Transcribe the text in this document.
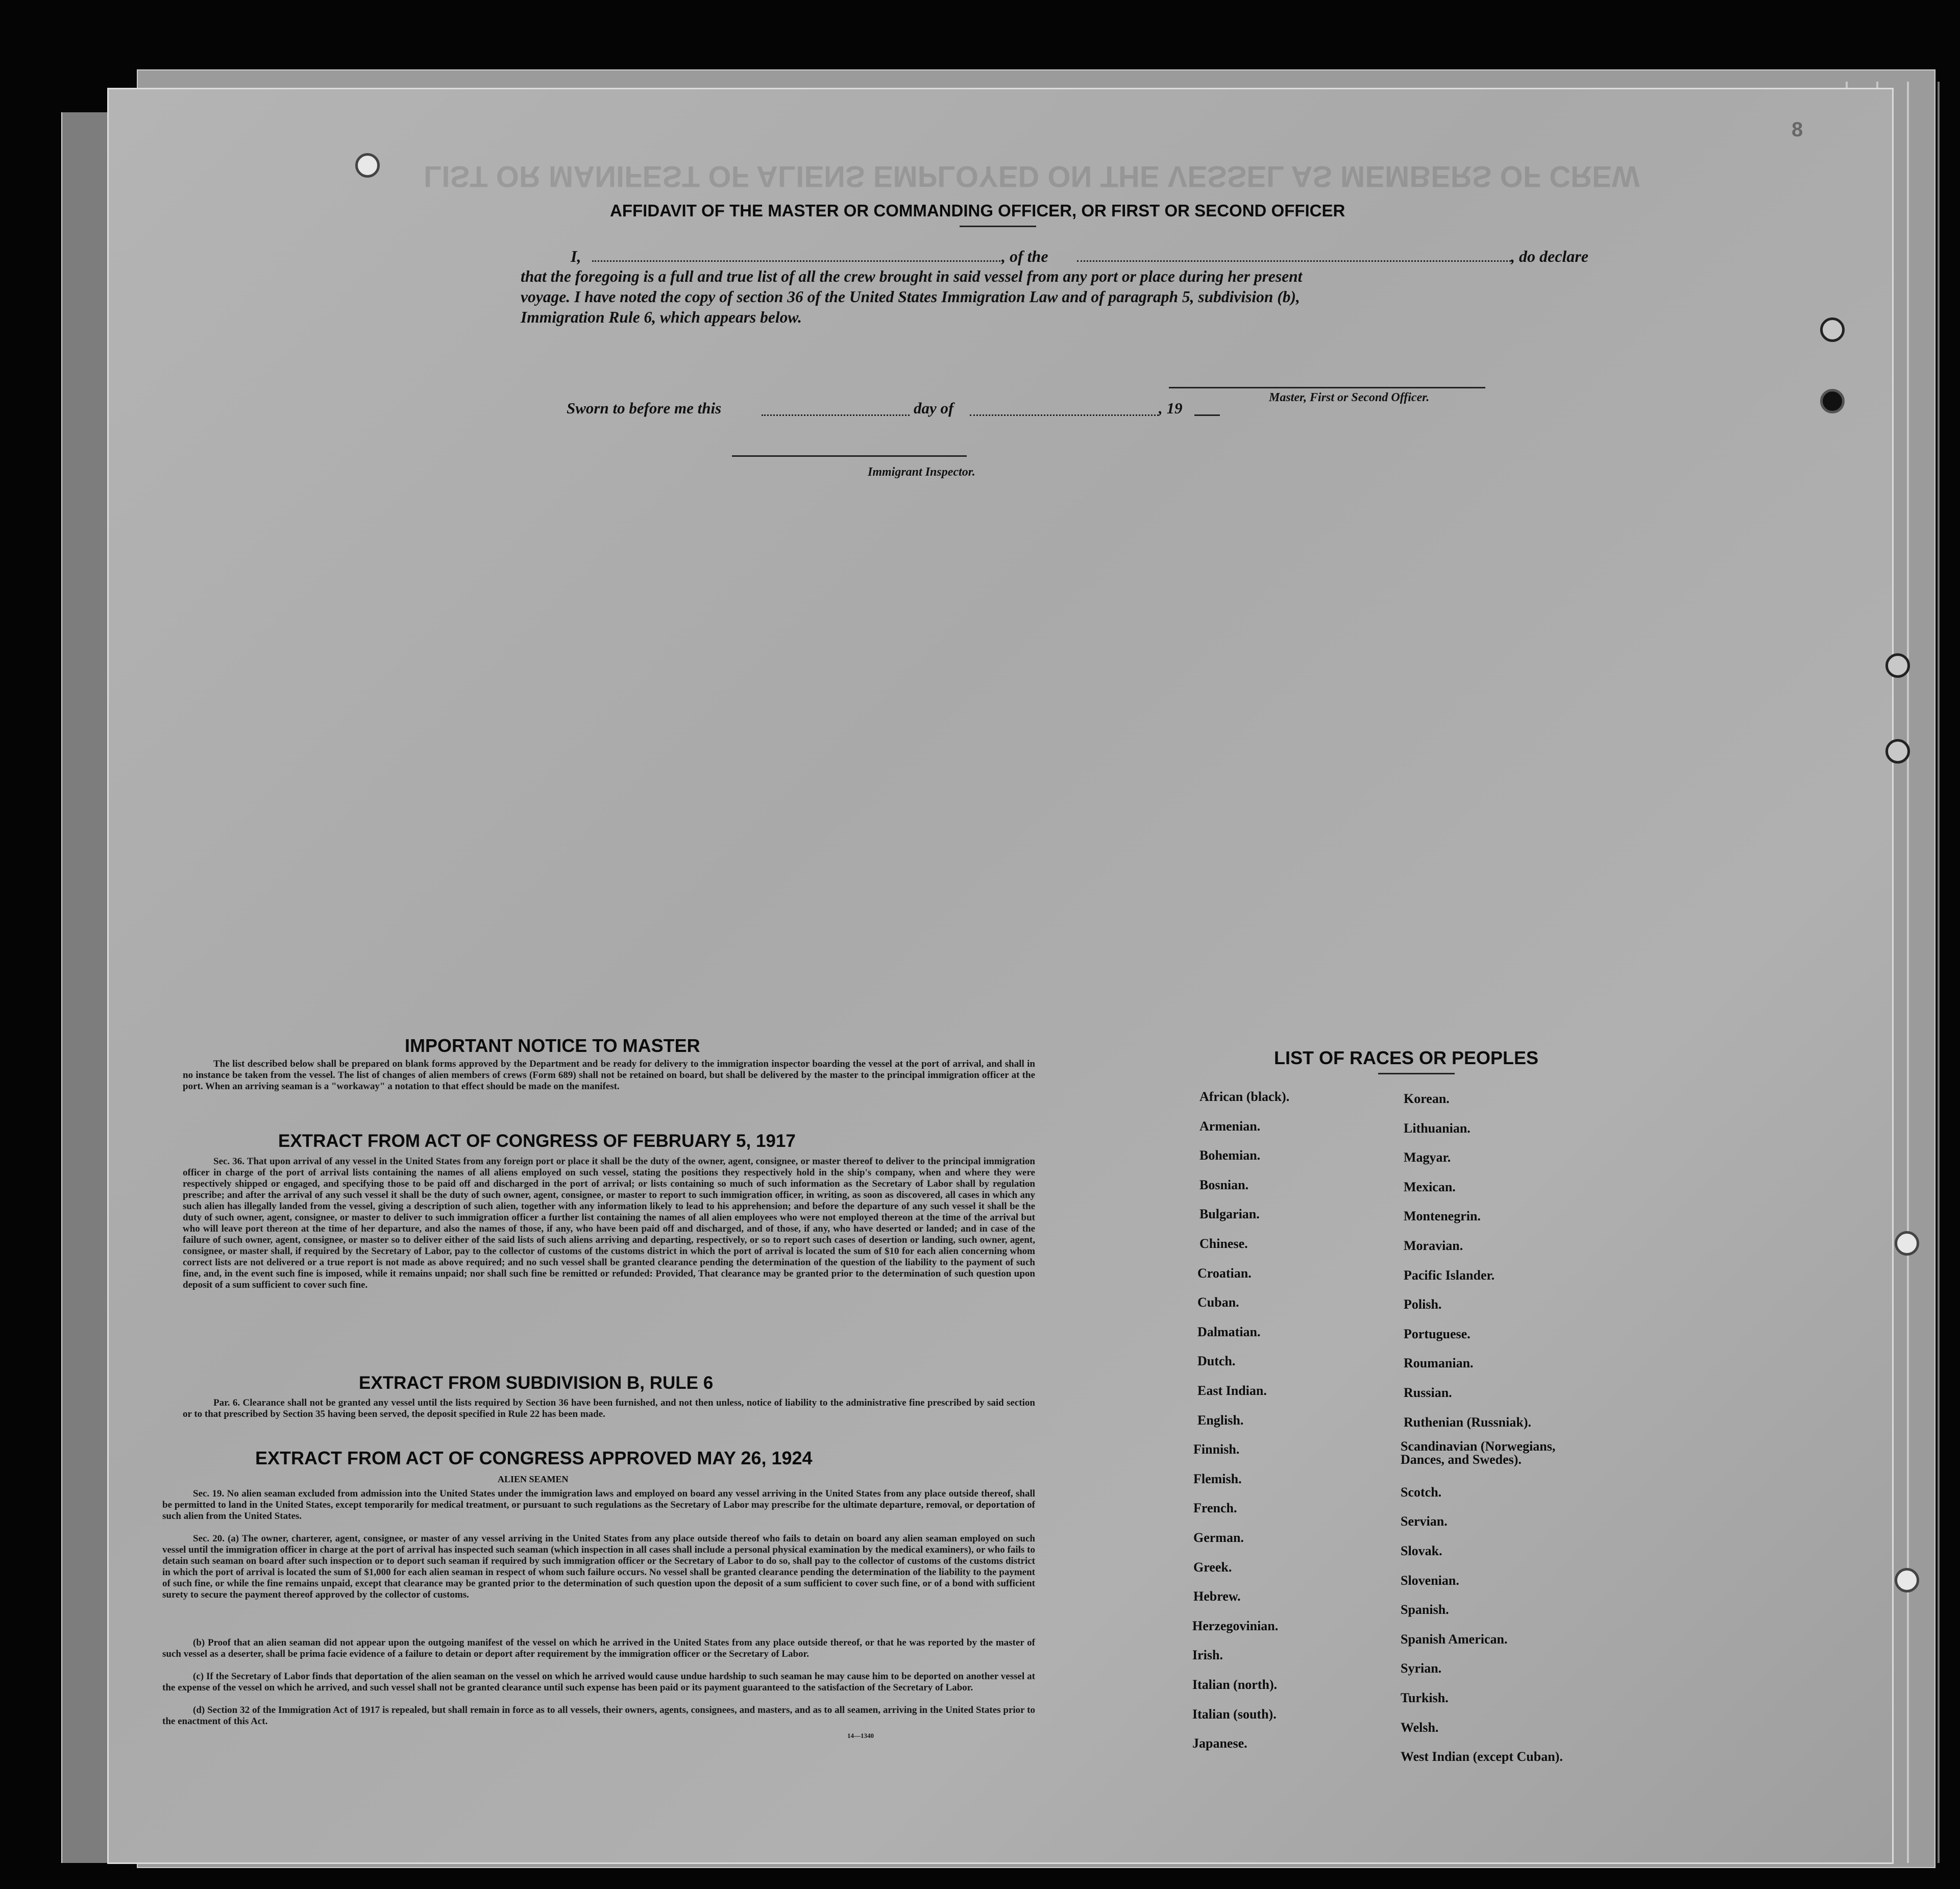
LIST OR MANIFEST OF ALIENS EMPLOYED ON THE VESSEL AS MEMBERS OF CREW
AFFIDAVIT OF THE MASTER OR COMMANDING OFFICER, OR FIRST OR SECOND OFFICER
I,	, of the	, do declare
that the foregoing is a full and true list of all the crew brought in said vessel from any port or place during her present
voyage. I have noted the copy of section 36 of the United States Immigration Law and of paragraph 5, subdivision (b),
Immigration Rule 6, which appears below.
Master, First or Second Officer.
Sworn to before me this	day of	, 19
Immigrant Inspector.
IMPORTANT NOTICE TO MASTER
The list described below shall be prepared on blank forms approved by the Department and be ready for delivery to the immigration inspector boarding the vessel at the port of arrival, and shall in no instance be taken from the vessel. The list of changes of alien members of crews (Form 689) shall not be retained on board, but shall be delivered by the master to the principal immigration officer at the port. When an arriving seaman is a "workaway" a notation to that effect should be made on the manifest.
EXTRACT FROM ACT OF CONGRESS OF FEBRUARY 5, 1917
Sec. 36. That upon arrival of any vessel in the United States from any foreign port or place it shall be the duty of the owner, agent, consignee, or master thereof to deliver to the principal immigration officer in charge of the port of arrival lists containing the names of all aliens employed on such vessel, stating the positions they respectively hold in the ship's company, when and where they were respectively shipped or engaged, and specifying those to be paid off and discharged in the port of arrival; or lists containing so much of such information as the Secretary of Labor shall by regulation prescribe; and after the arrival of any such vessel it shall be the duty of such owner, agent, consignee, or master to report to such immigration officer, in writing, as soon as discovered, all cases in which any such alien has illegally landed from the vessel, giving a description of such alien, together with any information likely to lead to his apprehension; and before the departure of any such vessel it shall be the duty of such owner, agent, consignee, or master to deliver to such immigration officer a further list containing the names of all alien employees who were not employed thereon at the time of the arrival but who will leave port thereon at the time of her departure, and also the names of those, if any, who have been paid off and discharged, and of those, if any, who have deserted or landed; and in case of the failure of such owner, agent, consignee, or master so to deliver either of the said lists of such aliens arriving and departing, respectively, or so to report such cases of desertion or landing, such owner, agent, consignee, or master shall, if required by the Secretary of Labor, pay to the collector of customs of the customs district in which the port of arrival is located the sum of $10 for each alien concerning whom correct lists are not delivered or a true report is not made as above required; and no such vessel shall be granted clearance pending the determination of the question of the liability to the payment of such fine, and, in the event such fine is imposed, while it remains unpaid; nor shall such fine be remitted or refunded: Provided, That clearance may be granted prior to the determination of such question upon deposit of a sum sufficient to cover such fine.
EXTRACT FROM SUBDIVISION B, RULE 6
Par. 6. Clearance shall not be granted any vessel until the lists required by Section 36 have been furnished, and not then unless, notice of liability to the administrative fine prescribed by said section or to that prescribed by Section 35 having been served, the deposit specified in Rule 22 has been made.
EXTRACT FROM ACT OF CONGRESS APPROVED MAY 26, 1924
ALIEN SEAMEN
Sec. 19. No alien seaman excluded from admission into the United States under the immigration laws and employed on board any vessel arriving in the United States from any place outside thereof, shall be permitted to land in the United States, except temporarily for medical treatment, or pursuant to such regulations as the Secretary of Labor may prescribe for the ultimate departure, removal, or deportation of such alien from the United States.
Sec. 20. (a) The owner, charterer, agent, consignee, or master of any vessel arriving in the United States from any place outside thereof who fails to detain on board any alien seaman employed on such vessel until the immigration officer in charge at the port of arrival has inspected such seaman (which inspection in all cases shall include a personal physical examination by the medical examiners), or who fails to detain such seaman on board after such inspection or to deport such seaman if required by such immigration officer or the Secretary of Labor to do so, shall pay to the collector of customs of the customs district in which the port of arrival is located the sum of $1,000 for each alien seaman in respect of whom such failure occurs. No vessel shall be granted clearance pending the determination of the liability to the payment of such fine, or while the fine remains unpaid, except that clearance may be granted prior to the determination of such question upon the deposit of a sum sufficient to cover such fine, or of a bond with sufficient surety to secure the payment thereof approved by the collector of customs.
(b) Proof that an alien seaman did not appear upon the outgoing manifest of the vessel on which he arrived in the United States from any place outside thereof, or that he was reported by the master of such vessel as a deserter, shall be prima facie evidence of a failure to detain or deport after requirement by the immigration officer or the Secretary of Labor.
(c) If the Secretary of Labor finds that deportation of the alien seaman on the vessel on which he arrived would cause undue hardship to such seaman he may cause him to be deported on another vessel at the expense of the vessel on which he arrived, and such vessel shall not be granted clearance until such expense has been paid or its payment guaranteed to the satisfaction of the Secretary of Labor.
(d) Section 32 of the Immigration Act of 1917 is repealed, but shall remain in force as to all vessels, their owners, agents, consignees, and masters, and as to all seamen, arriving in the United States prior to the enactment of this Act.
14—1340
LIST OF RACES OR PEOPLES
African (black).
Armenian.
Bohemian.
Bosnian.
Bulgarian.
Chinese.
Croatian.
Cuban.
Dalmatian.
Dutch.
East Indian.
English.
Finnish.
Flemish.
French.
German.
Greek.
Hebrew.
Herzegovinian.
Irish.
Italian (north).
Italian (south).
Japanese.
Korean.
Lithuanian.
Magyar.
Mexican.
Montenegrin.
Moravian.
Pacific Islander.
Polish.
Portuguese.
Roumanian.
Russian.
Ruthenian (Russniak).
Scandinavian (Norwegians, Dances, and Swedes).
Scotch.
Servian.
Slovak.
Slovenian.
Spanish.
Spanish American.
Syrian.
Turkish.
Welsh.
West Indian (except Cuban).
8
